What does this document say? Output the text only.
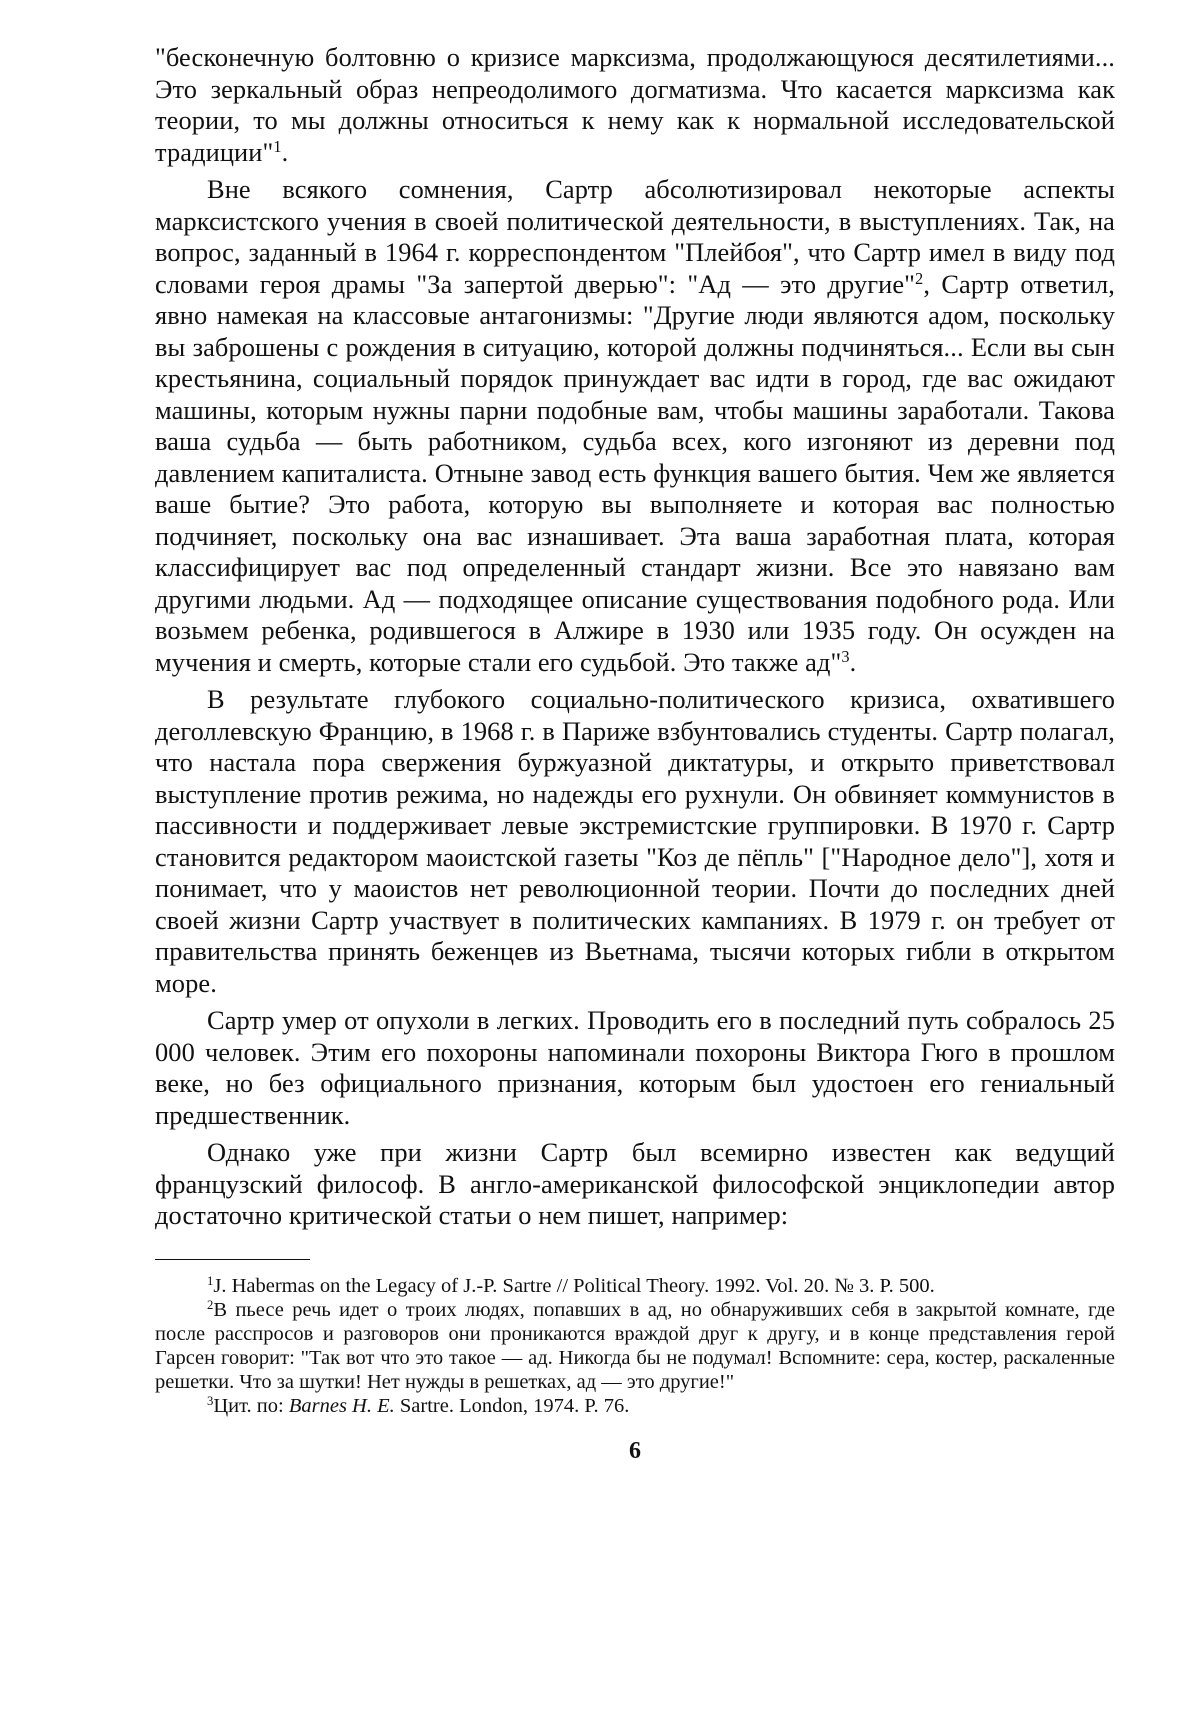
"бесконечную болтовню о кризисе марксизма, продолжающуюся десятилетиями... Это зеркальный образ непреодолимого догматизма. Что касается марксизма как теории, то мы должны относиться к нему как к нормальной исследовательской традиции"$^1$.

Вне всякого сомнения, Сартр абсолютизировал некоторые аспекты марксистского учения в своей политической деятельности, в выступлениях. Так, на вопрос, заданный в 1964 г. корреспондентом "Плейбоя", что Сартр имел в виду под словами героя драмы "За запертой дверью": "Ад — это другие"$^2$, Сартр ответил, явно намекая на классовые антагонизмы: "Другие люди являются адом, поскольку вы заброшены с рождения в ситуацию, которой должны подчиняться... Если вы сын крестьянина, социальный порядок принуждает вас идти в город, где вас ожидают машины, которым нужны парни подобные вам, чтобы машины заработали. Такова ваша судьба — быть работником, судьба всех, кого изгоняют из деревни под давлением капиталиста. Отныне завод есть функция вашего бытия. Чем же является ваше бытие? Это работа, которую вы выполняете и которая вас полностью подчиняет, поскольку она вас изнашивает. Эта ваша заработная плата, которая классифицирует вас под определенный стандарт жизни. Все это навязано вам другими людьми. Ад — подходящее описание существования подобного рода. Или возьмем ребенка, родившегося в Алжире в 1930 или 1935 году. Он осужден на мучения и смерть, которые стали его судьбой. Это также ад"$^3$.

В результате глубокого социально-политического кризиса, охватившего деголлевскую Францию, в 1968 г. в Париже взбунтовались студенты. Сартр полагал, что настала пора свержения буржуазной диктатуры, и открыто приветствовал выступление против режима, но надежды его рухнули. Он обвиняет коммунистов в пассивности и поддерживает левые экстремистские группировки. В 1970 г. Сартр становится редактором маоистской газеты "Коз де пёпль" ["Народное дело"], хотя и понимает, что у маоистов нет революционной теории. Почти до последних дней своей жизни Сартр участвует в политических кампаниях. В 1979 г. он требует от правительства принять беженцев из Вьетнама, тысячи которых гибли в открытом море.

Сартр умер от опухоли в легких. Проводить его в последний путь собралось 25 000 человек. Этим его похороны напоминали похороны Виктора Гюго в прошлом веке, но без официального признания, которым был удостоен его гениальный предшественник.

Однако уже при жизни Сартр был всемирно известен как ведущий французский философ. В англо-американской философской энциклопедии автор достаточно критической статьи о нем пишет, например:

$^1$J. Habermas on the Legacy of J.-P. Sartre // Political Theory. 1992. Vol. 20. № 3. P. 500.

$^2$В пьесе речь идет о троих людях, попавших в ад, но обнаруживших себя в закрытой комнате, где после расспросов и разговоров они проникаются враждой друг к другу, и в конце представления герой Гарсен говорит: "Так вот что это такое — ад. Никогда бы не подумал! Вспомните: сера, костер, раскаленные решетки. Что за шутки! Нет нужды в решетках, ад — это другие!"

$^3$Цит. по: Barnes H. E. Sartre. London, 1974. P. 76.

6
